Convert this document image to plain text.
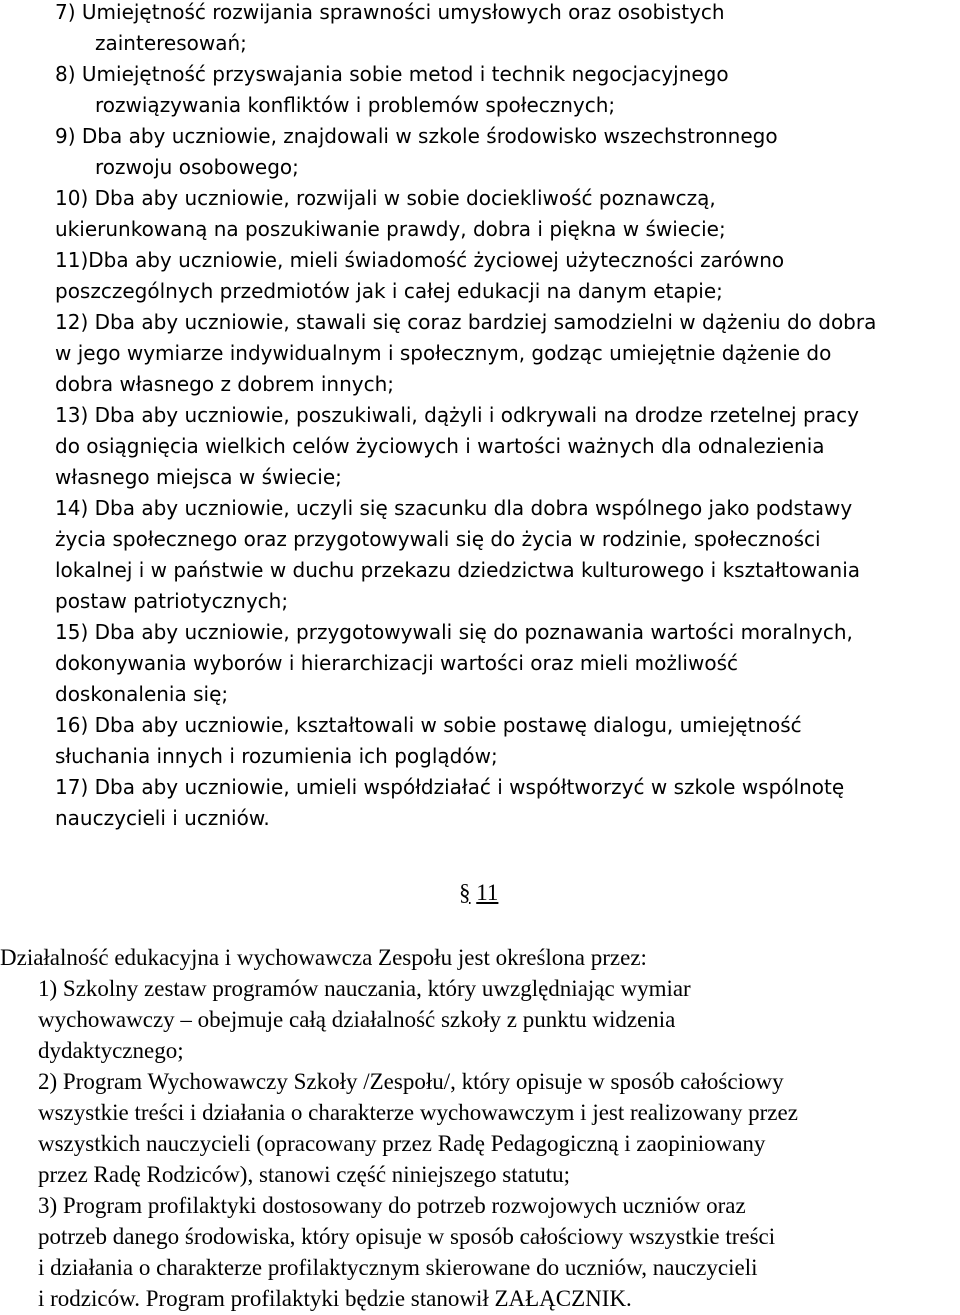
7) Umiejętność rozwijania sprawności umysłowych oraz osobistych
zainteresowań;
8) Umiejętność przyswajania sobie metod i technik negocjacyjnego
rozwiązywania konfliktów i problemów społecznych;
9) Dba aby uczniowie, znajdowali w szkole środowisko wszechstronnego
rozwoju osobowego;
10) Dba aby uczniowie, rozwijali w sobie dociekliwość poznawczą,
ukierunkowaną na poszukiwanie prawdy, dobra i piękna w świecie;
11)Dba aby uczniowie, mieli świadomość życiowej użyteczności zarówno
poszczególnych przedmiotów jak i całej edukacji na danym etapie;
12) Dba aby uczniowie, stawali się coraz bardziej samodzielni w dążeniu do dobra
w jego wymiarze indywidualnym i społecznym, godząc umiejętnie dążenie do
dobra własnego z dobrem innych;
13) Dba aby uczniowie, poszukiwali, dążyli i odkrywali na drodze rzetelnej pracy
do osiągnięcia wielkich celów życiowych i wartości ważnych dla odnalezienia
własnego miejsca w świecie;
14) Dba aby uczniowie, uczyli się szacunku dla dobra wspólnego jako podstawy
życia społecznego oraz przygotowywali się do życia w rodzinie, społeczności
lokalnej i w państwie w duchu przekazu dziedzictwa kulturowego i kształtowania
postaw patriotycznych;
15) Dba aby uczniowie, przygotowywali się do poznawania wartości moralnych,
dokonywania wyborów i hierarchizacji wartości oraz mieli możliwość
doskonalenia się;
16) Dba aby uczniowie, kształtowali w sobie postawę dialogu, umiejętność
słuchania innych i rozumienia ich poglądów;
17) Dba aby uczniowie, umieli współdziałać i współtworzyć w szkole wspólnotę
nauczycieli i uczniów.
§ 11
Działalność edukacyjna i wychowawcza Zespołu jest określona przez:
1) Szkolny zestaw programów nauczania, który uwzględniając wymiar
wychowawczy – obejmuje całą działalność szkoły z punktu widzenia
dydaktycznego;
2) Program Wychowawczy Szkoły /Zespołu/, który opisuje w sposób całościowy
wszystkie treści i działania o charakterze wychowawczym i jest realizowany przez
wszystkich nauczycieli (opracowany przez Radę Pedagogiczną i zaopiniowany
przez Radę Rodziców), stanowi część niniejszego statutu;
3) Program profilaktyki dostosowany do potrzeb rozwojowych uczniów oraz
potrzeb danego środowiska, który opisuje w sposób całościowy wszystkie treści
i działania o charakterze profilaktycznym skierowane do uczniów, nauczycieli
i rodziców. Program profilaktyki będzie stanowił ZAŁĄCZNIK.
